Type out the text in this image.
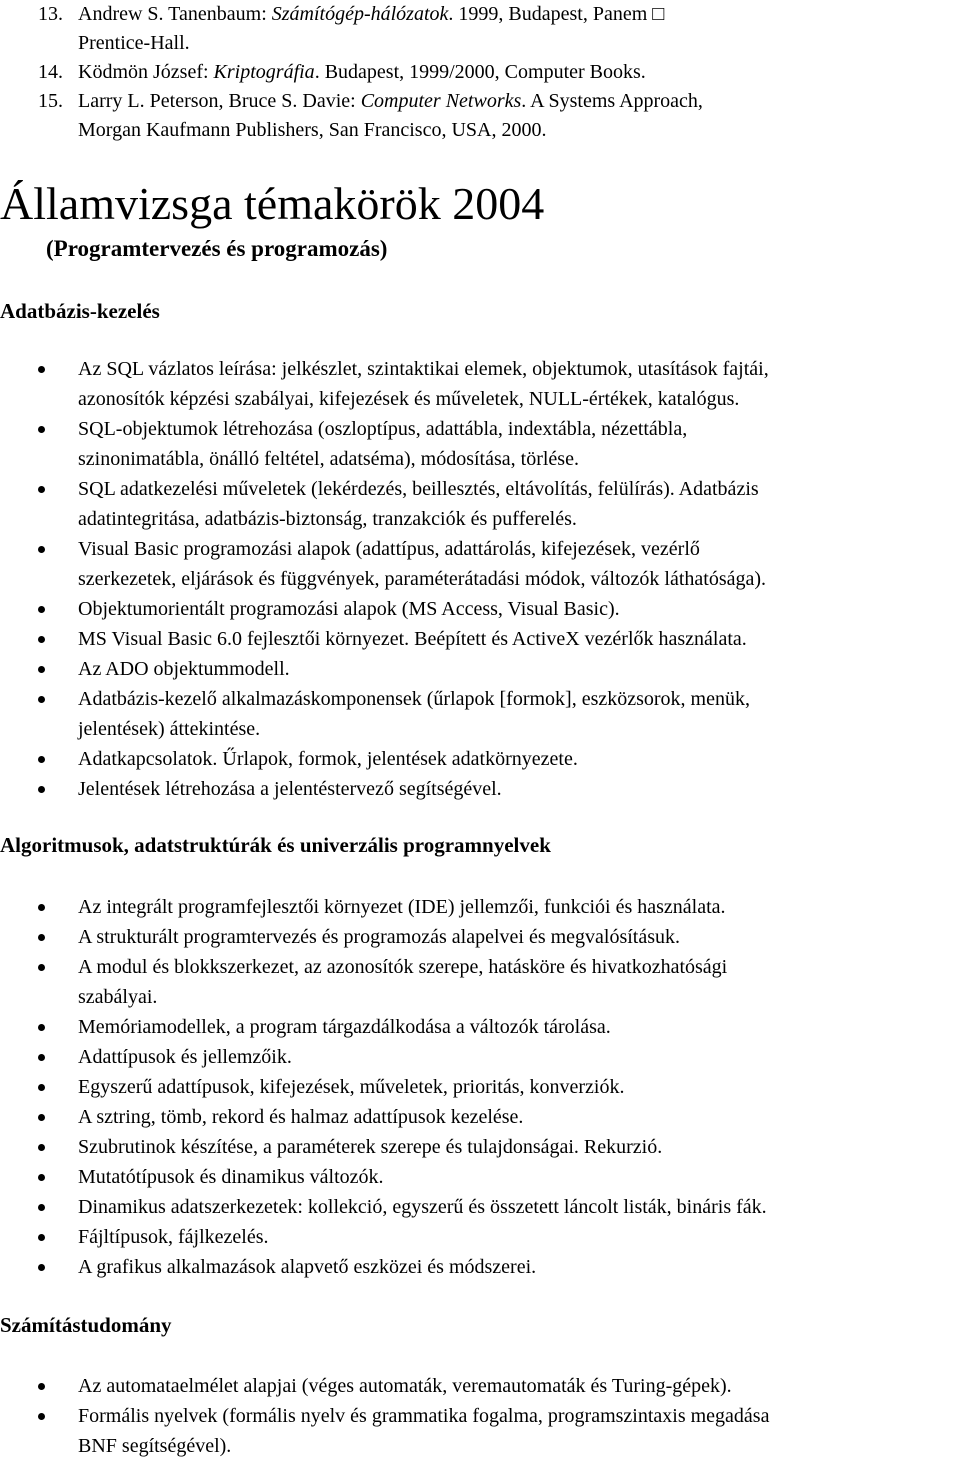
13. Andrew S. Tanenbaum: Számítógép-hálózatok. 1999, Budapest, Panem □
Prentice-Hall.
14. Ködmön József: Kriptográfia. Budapest, 1999/2000, Computer Books.
15. Larry L. Peterson, Bruce S. Davie: Computer Networks. A Systems Approach,
Morgan Kaufmann Publishers, San Francisco, USA, 2000.
Államvizsga témakörök 2004
(Programtervezés és programozás)
Adatbázis-kezelés
Az SQL vázlatos leírása: jelkészlet, szintaktikai elemek, objektumok, utasítások fajtái,
azonosítók képzési szabályai, kifejezések és műveletek, NULL-értékek, katalógus.
SQL-objektumok létrehozása (oszloptípus, adattábla, indextábla, nézettábla,
szinonimatábla, önálló feltétel, adatséma), módosítása, törlése.
SQL adatkezelési műveletek (lekérdezés, beillesztés, eltávolítás, felülírás). Adatbázis
adatintegritása, adatbázis-biztonság, tranzakciók és pufferelés.
Visual Basic programozási alapok (adattípus, adattárolás, kifejezések, vezérlő
szerkezetek, eljárások és függvények, paraméterátadási módok, változók láthatósága).
Objektumorientált programozási alapok (MS Access, Visual Basic).
MS Visual Basic 6.0 fejlesztői környezet. Beépített és ActiveX vezérlők használata.
Az ADO objektummodell.
Adatbázis-kezelő alkalmazáskomponensek (űrlapok [formok], eszközsorok, menük,
jelentések) áttekintése.
Adatkapcsolatok. Űrlapok, formok, jelentések adatkörnyezete.
Jelentések létrehozása a jelentéstervező segítségével.
Algoritmusok, adatstruktúrák és univerzális programnyelvek
Az integrált programfejlesztői környezet (IDE) jellemzői, funkciói és használata.
A strukturált programtervezés és programozás alapelvei és megvalósításuk.
A modul és blokkszerkezet, az azonosítók szerepe, hatásköre és hivatkozhatósági
szabályai.
Memóriamodellek, a program tárgazdálkodása a változók tárolása.
Adattípusok és jellemzőik.
Egyszerű adattípusok, kifejezések, műveletek, prioritás, konverziók.
A sztring, tömb, rekord és halmaz adattípusok kezelése.
Szubrutinok készítése, a paraméterek szerepe és tulajdonságai. Rekurzió.
Mutatótípusok és dinamikus változók.
Dinamikus adatszerkezetek: kollekció, egyszerű és összetett láncolt listák, bináris fák.
Fájltípusok, fájlkezelés.
A grafikus alkalmazások alapvető eszközei és módszerei.
Számítástudomány
Az automataelmélet alapjai (véges automaták, veremautomaták és Turing-gépek).
Formális nyelvek (formális nyelv és grammatika fogalma, programszintaxis megadása
BNF segítségével).
